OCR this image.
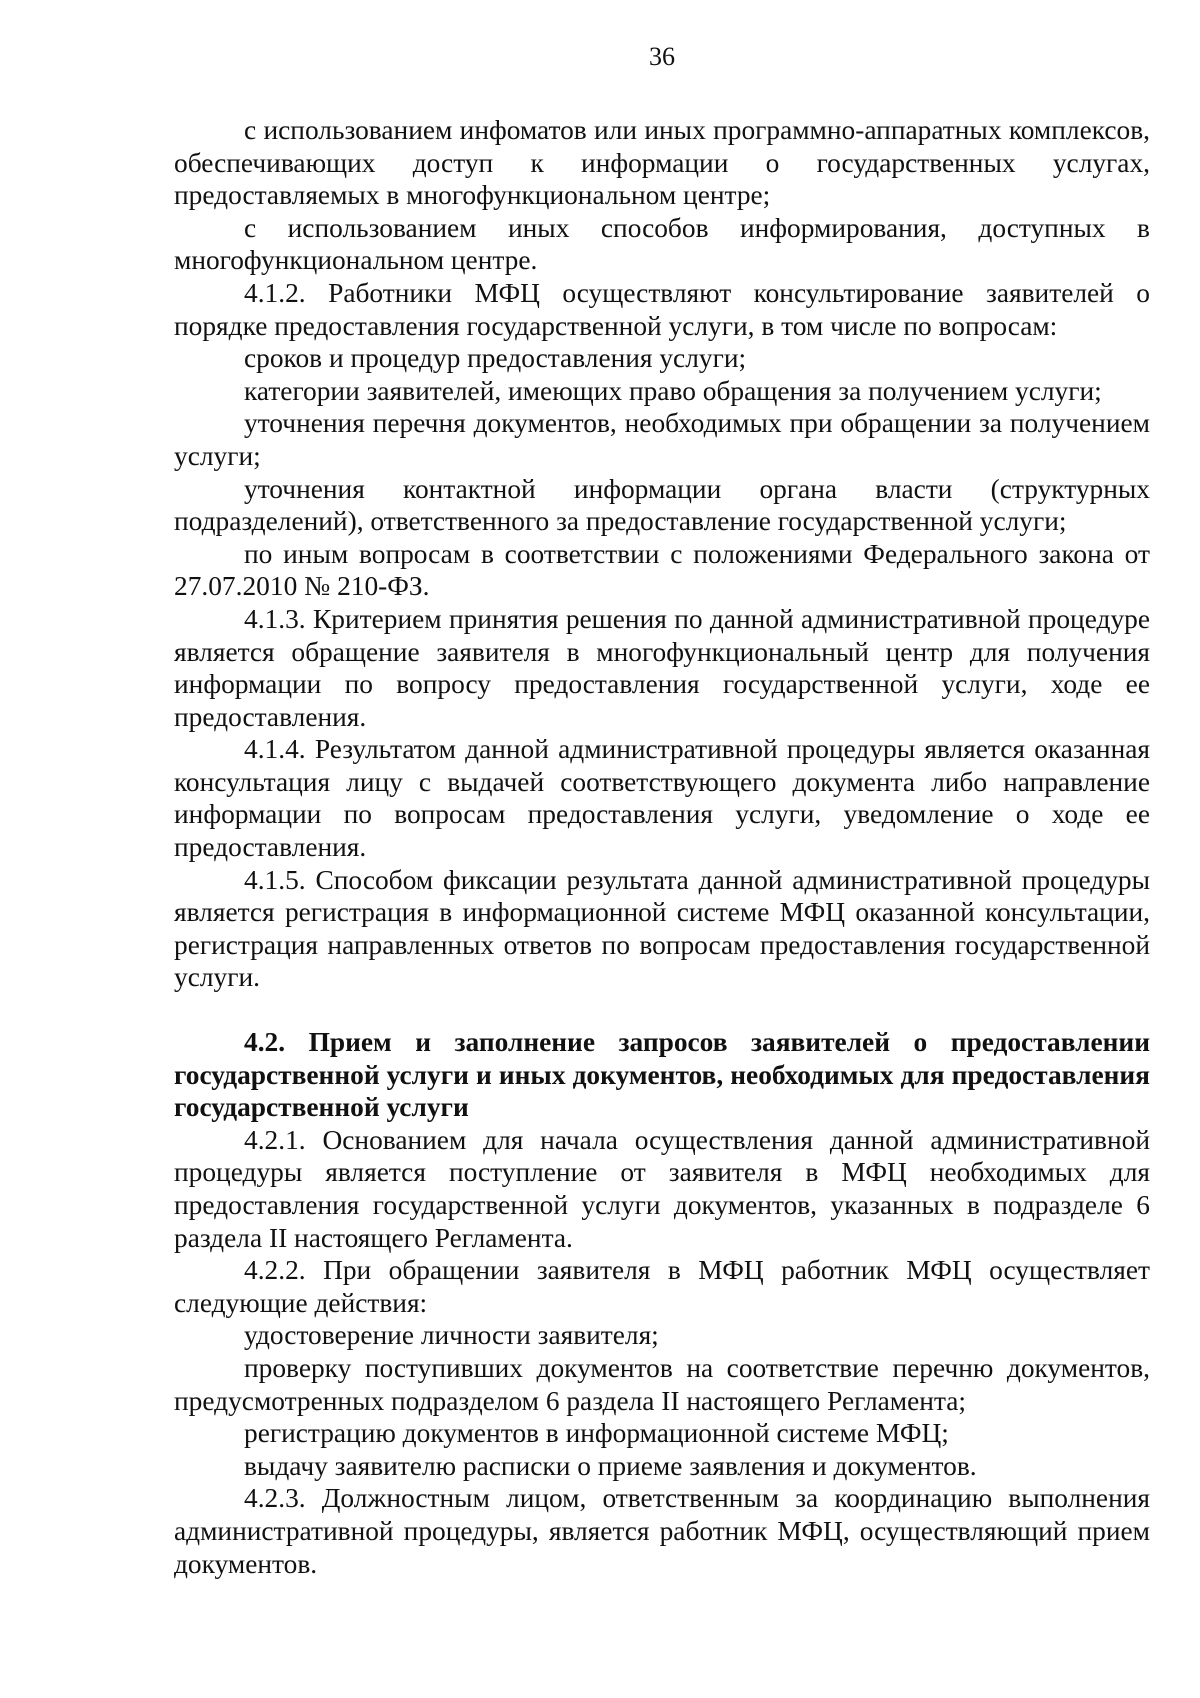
36

с использованием инфоматов или иных программно-аппаратных комплексов, обеспечивающих доступ к информации о государственных услугах, предоставляемых в многофункциональном центре;

с использованием иных способов информирования, доступных в многофункциональном центре.

4.1.2. Работники МФЦ осуществляют консультирование заявителей о порядке предоставления государственной услуги, в том числе по вопросам:

сроков и процедур предоставления услуги;

категории заявителей, имеющих право обращения за получением услуги;

уточнения перечня документов, необходимых при обращении за получением услуги;

уточнения контактной информации органа власти (структурных подразделений), ответственного за предоставление государственной услуги;

по иным вопросам в соответствии с положениями Федерального закона от 27.07.2010 № 210-ФЗ.

4.1.3. Критерием принятия решения по данной административной процедуре является обращение заявителя в многофункциональный центр для получения информации по вопросу предоставления государственной услуги, ходе ее предоставления.

4.1.4. Результатом данной административной процедуры является оказанная консультация лицу с выдачей соответствующего документа либо направление информации по вопросам предоставления услуги, уведомление о ходе ее предоставления.

4.1.5. Способом фиксации результата данной административной процедуры является регистрация в информационной системе МФЦ оказанной консультации, регистрация направленных ответов по вопросам предоставления государственной услуги.

4.2. Прием и заполнение запросов заявителей о предоставлении государственной услуги и иных документов, необходимых для предоставления государственной услуги

4.2.1. Основанием для начала осуществления данной административной процедуры является поступление от заявителя в МФЦ необходимых для предоставления государственной услуги документов, указанных в подразделе 6 раздела II настоящего Регламента.

4.2.2. При обращении заявителя в МФЦ работник МФЦ осуществляет следующие действия:

удостоверение личности заявителя;

проверку поступивших документов на соответствие перечню документов, предусмотренных подразделом 6 раздела II настоящего Регламента;

регистрацию документов в информационной системе МФЦ;

выдачу заявителю расписки о приеме заявления и документов.

4.2.3. Должностным лицом, ответственным за координацию выполнения административной процедуры, является работник МФЦ, осуществляющий прием документов.
